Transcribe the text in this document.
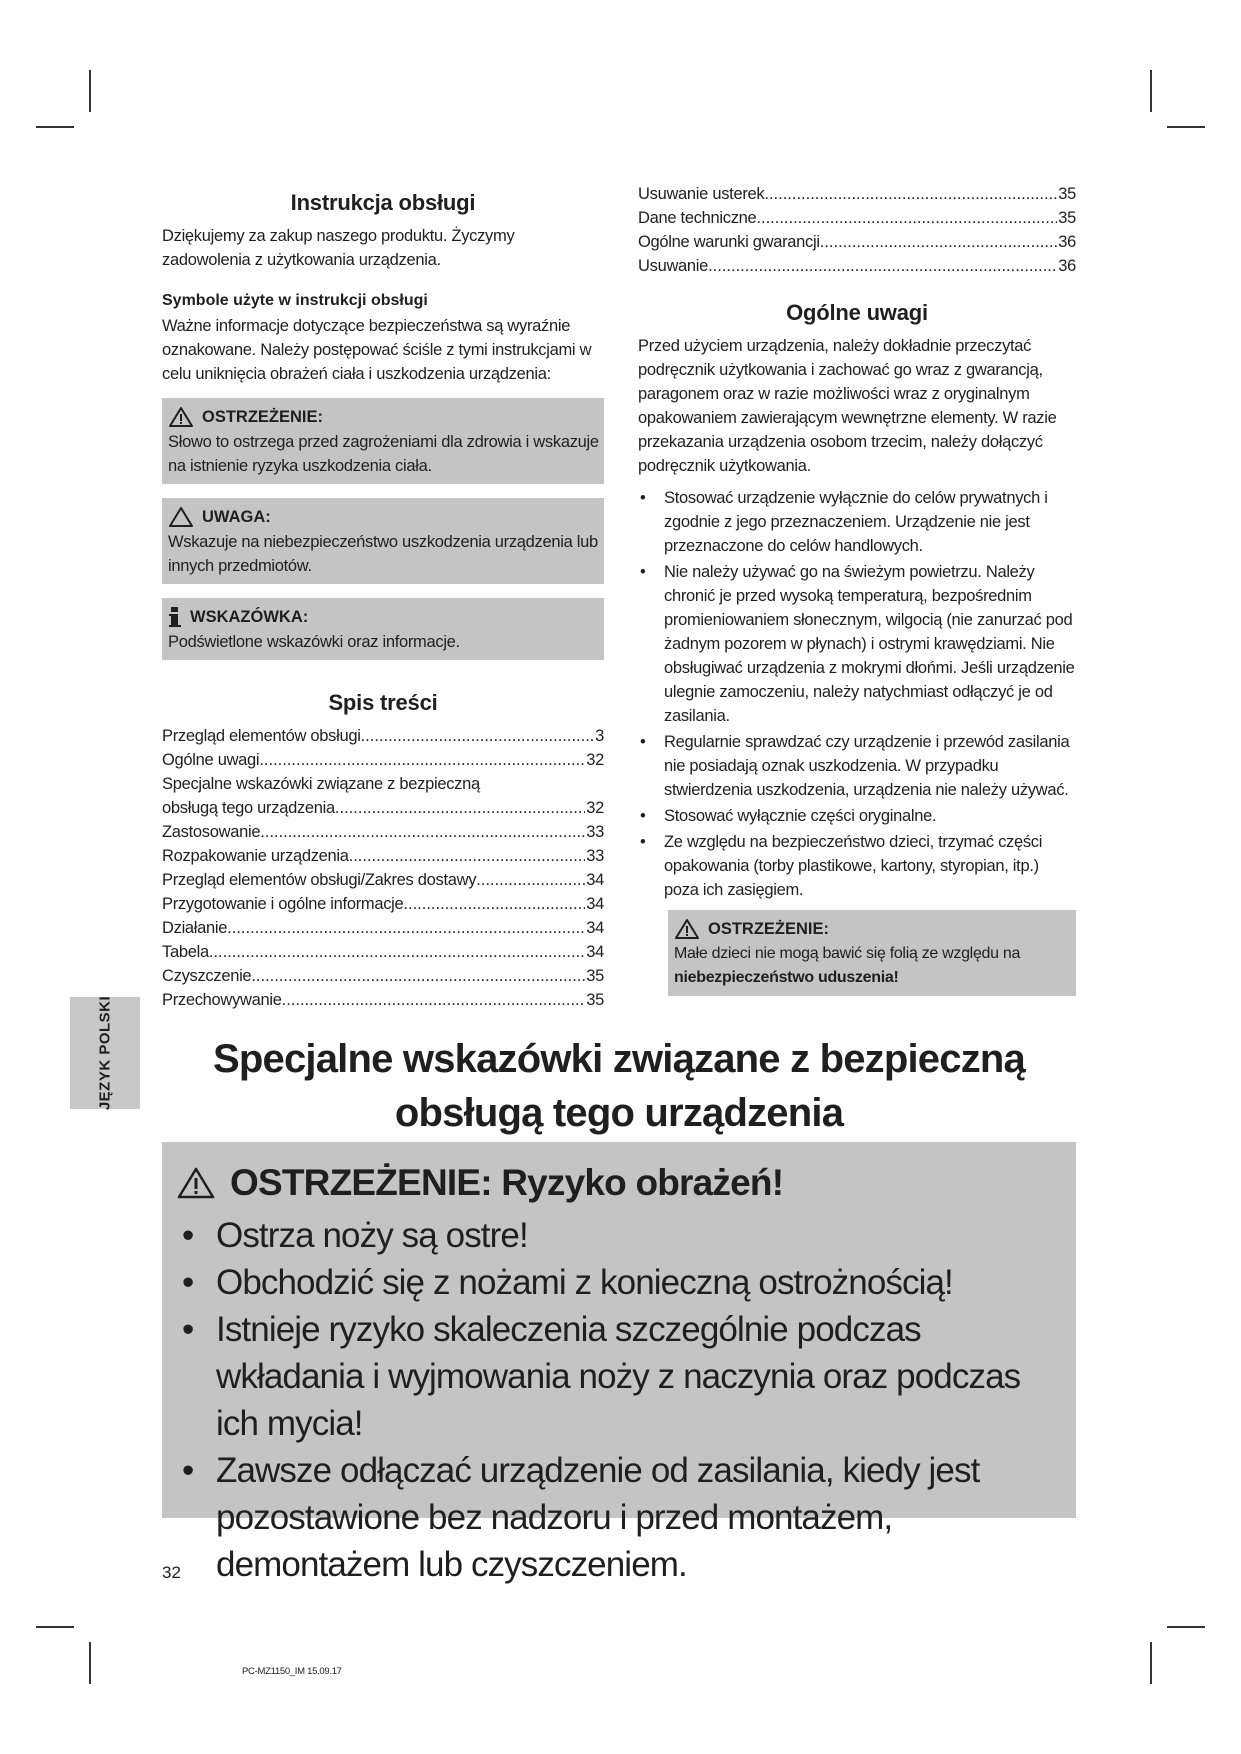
Instrukcja obsługi

Dziękujemy za zakup naszego produktu. Życzymy zadowolenia z użytkowania urządzenia.

Symbole użyte w instrukcji obsługi

Ważne informacje dotyczące bezpieczeństwa są wyraźnie oznakowane. Należy postępować ściśle z tymi instrukcjami w celu uniknięcia obrażeń ciała i uszkodzenia urządzenia:

OSTRZEŻENIE:
Słowo to ostrzega przed zagrożeniami dla zdrowia i wskazuje na istnienie ryzyka uszkodzenia ciała.
UWAGA:
Wskazuje na niebezpieczeństwo uszkodzenia urządzenia lub innych przedmiotów.
WSKAZÓWKA:
Podświetlone wskazówki oraz informacje.
Spis treści
Przegląd elementów obsługi .....	3
Ogólne uwagi .....	32
Specjalne wskazówki związane z bezpieczną
obsługą tego urządzenia .....	32
Zastosowanie .....	33
Rozpakowanie urządzenia .....	33
Przegląd elementów obsługi/Zakres dostawy .....	34
Przygotowanie i ogólne informacje .....	34
Działanie .....	34
Tabela .....	34
Czyszczenie .....	35
Przechowywanie .....	35
Usuwanie usterek .....	35
Dane techniczne .....	35
Ogólne warunki gwarancji .....	36
Usuwanie .....	36
Ogólne uwagi

Przed użyciem urządzenia, należy dokładnie przeczytać podręcznik użytkowania i zachować go wraz z gwarancją, paragonem oraz w razie możliwości wraz z oryginalnym opakowaniem zawierającym wewnętrzne elementy. W razie przekazania urządzenia osobom trzecim, należy dołączyć podręcznik użytkowania.

• Stosować urządzenie wyłącznie do celów prywatnych i zgodnie z jego przeznaczeniem. Urządzenie nie jest przeznaczone do celów handlowych.
• Nie należy używać go na świeżym powietrzu. Należy chronić je przed wysoką temperaturą, bezpośrednim promieniowaniem słonecznym, wilgocią (nie zanurzać pod żadnym pozorem w płynach) i ostrymi krawędziami. Nie obsługiwać urządzenia z mokrymi dłońmi. Jeśli urządzenie ulegnie zamoczeniu, należy natychmiast odłączyć je od zasilania.
• Regularnie sprawdzać czy urządzenie i przewód zasilania nie posiadają oznak uszkodzenia. W przypadku stwierdzenia uszkodzenia, urządzenia nie należy używać.
• Stosować wyłącznie części oryginalne.
• Ze względu na bezpieczeństwo dzieci, trzymać części opakowania (torby plastikowe, kartony, styropian, itp.) poza ich zasięgiem.
OSTRZEŻENIE:
Małe dzieci nie mogą bawić się folią ze względu na
niebezpieczeństwo uduszenia!
JĘZYK POLSKI	Specjalne wskazówki związane z bezpieczną
obsługą tego urządzenia
OSTRZEŻENIE: Ryzyko obrażeń!
• Ostrza noży są ostre!
• Obchodzić się z nożami z konieczną ostrożnością!
• Istnieje ryzyko skaleczenia szczególnie podczas wkładania i wyjmowania noży z naczynia oraz podczas ich mycia!
• Zawsze odłączać urządzenie od zasilania, kiedy jest pozostawione bez nadzoru i przed montażem, demontażem lub czyszczeniem.
32
PC-MZ1150_IM 15.09.17
